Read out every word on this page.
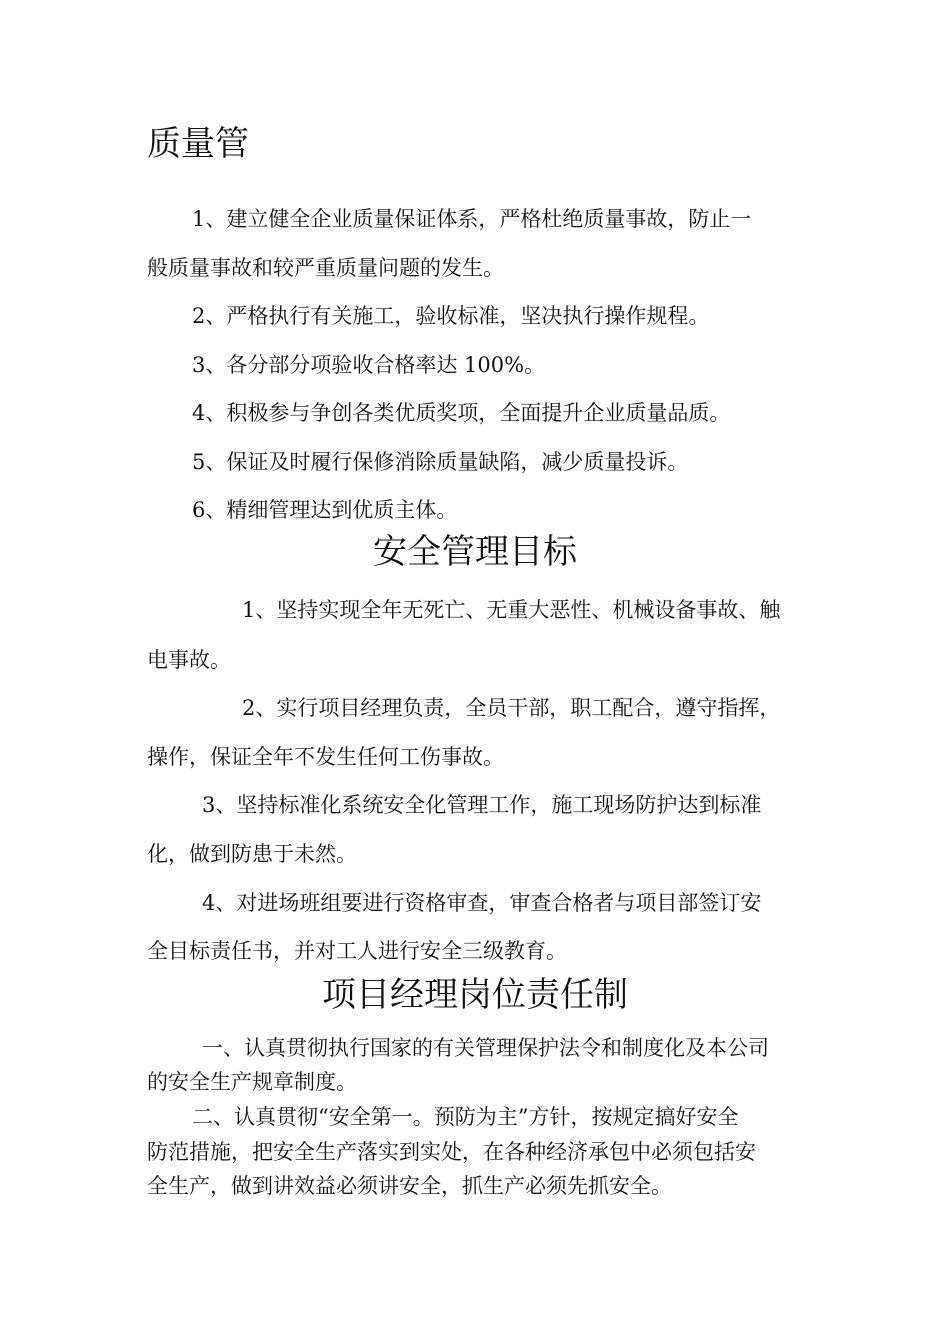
质量管
1、建立健全企业质量保证体系，严格杜绝质量事故，防止一
般质量事故和较严重质量问题的发生。
2、严格执行有关施工，验收标准，坚决执行操作规程。
3、各分部分项验收合格率达 100%。
4、积极参与争创各类优质奖项，全面提升企业质量品质。
5、保证及时履行保修消除质量缺陷，减少质量投诉。
6、精细管理达到优质主体。
安全管理目标
1、坚持实现全年无死亡、无重大恶性、机械设备事故、触
电事故。
2、实行项目经理负责，全员干部，职工配合，遵守指挥，
操作，保证全年不发生任何工伤事故。
3、坚持标准化系统安全化管理工作，施工现场防护达到标准
化，做到防患于未然。
4、对进场班组要进行资格审查，审查合格者与项目部签订安
全目标责任书，并对工人进行安全三级教育。
项目经理岗位责任制
一、认真贯彻执行国家的有关管理保护法令和制度化及本公司
的安全生产规章制度。
二、认真贯彻“安全第一。预防为主”方针，按规定搞好安全
防范措施，把安全生产落实到实处，在各种经济承包中必须包括安
全生产，做到讲效益必须讲安全，抓生产必须先抓安全。
